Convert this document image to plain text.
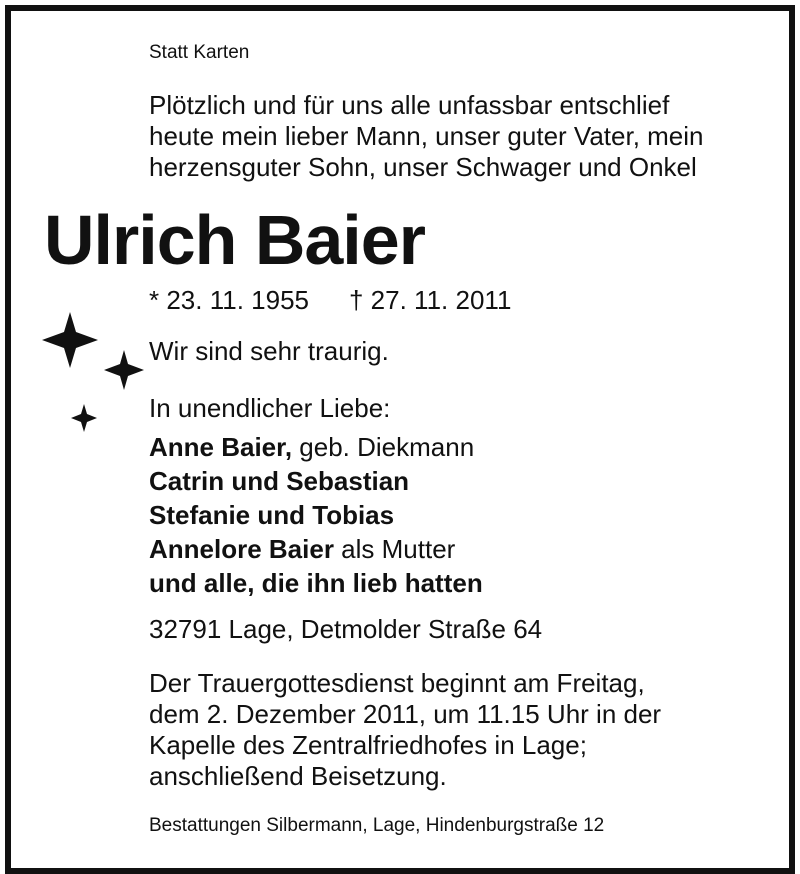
Statt Karten
Plötzlich und für uns alle unfassbar entschlief
heute mein lieber Mann, unser guter Vater, mein
herzensguter Sohn, unser Schwager und Onkel
Ulrich Baier
* 23. 11. 1955 † 27. 11. 2011
Wir sind sehr traurig.
In unendlicher Liebe:
Anne Baier, geb. Diekmann
Catrin und Sebastian
Stefanie und Tobias
Annelore Baier als Mutter
und alle, die ihn lieb hatten
32791 Lage, Detmolder Straße 64
Der Trauergottesdienst beginnt am Freitag,
dem 2. Dezember 2011, um 11.15 Uhr in der
Kapelle des Zentralfriedhofes in Lage;
anschließend Beisetzung.
Bestattungen Silbermann, Lage, Hindenburgstraße 12
